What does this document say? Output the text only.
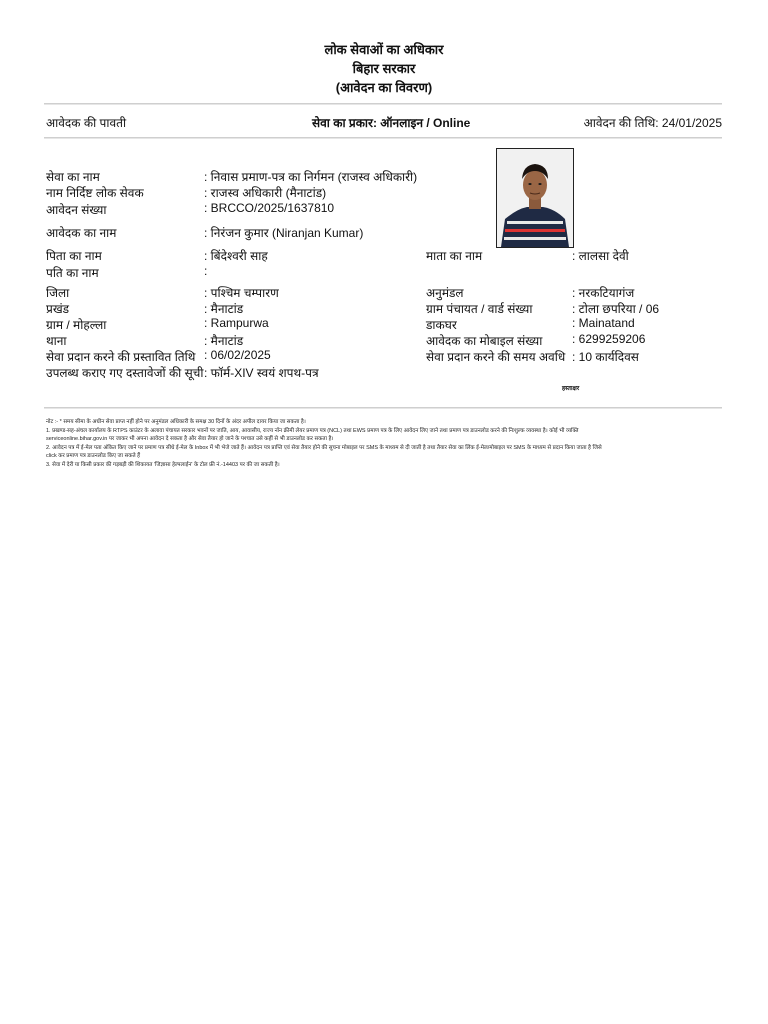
लोक सेवाओं का अधिकार
बिहार सरकार
(आवेदन का विवरण)
आवेदक की पावती	सेवा का प्रकार: ऑनलाइन / Online	आवेदन की तिथि: 24/01/2025
सेवा का नाम	: निवास प्रमाण-पत्र का निर्गमन (राजस्व अधिकारी)
नाम निर्दिष्ट लोक सेवक	: राजस्व अधिकारी (मैनाटांड)
आवेदन संख्या	: BRCCO/2025/1637810
आवेदक का नाम	: निरंजन कुमार (Niranjan Kumar)
पिता का नाम	: बिंदेश्वरी साह	माता का नाम	: लालसा देवी
पति का नाम	:
जिला	: पश्चिम चम्पारण	अनुमंडल	: नरकटियागंज
प्रखंड	: मैनाटांड	ग्राम पंचायत / वार्ड संख्या	: टोला छपरिया / 06
ग्राम / मोहल्ला	: Rampurwa	डाकघर	: Mainatand
थाना	: मैनाटांड	आवेदक का मोबाइल संख्या : 6299259206
सेवा प्रदान करने की प्रस्तावित तिथि : 06/02/2025	सेवा प्रदान करने की समय अवधि : 10 कार्यदिवस
उपलब्ध कराए गए दस्तावेजों की सूची : फॉर्म-XIV स्वयं शपथ-पत्र
हस्ताक्षर
नोट :- * समय सीमा के अधीन सेवा प्राप्त नहीं होने पर अनुमंडल अधिकारी के समक्ष 30 दिनों के अंदर अपील दायर किया जा सकता है।
1. प्रखण्ड-सह-अंचल कार्यालय के RTPS काउंटर के अलावा पंचायत सरकार भवनों पर जाति, आय, आवासीय, राज्य नॉन क्रीमी लेयर प्रमाण पत्र (NCL) तथा EWS प्रमाण पत्र के लिए आवेदन लिए जाने तथा प्रमाण पत्र डाउनलोड करने की निःशुल्क व्यवस्था है। कोई भी व्यक्ति
serviceonline.bihar.gov.in पर जाकर भी अपना आवेदन दे सकता है और सेवा तैयार हो जाने के पश्चात उसे कहीं से भी डाउनलोड कर सकता है।
2. आवेदन पत्र में ई-मेल पता अंकित किए जाने पर प्रमाण पत्र सीधे ई-मेल के Inbox में भी भेजे जाते हैं। आवेदन पत्र प्राप्ति एवं सेवा तैयार होने की सूचना मोबाइल पर SMS के माध्यम से दी जाती है तथा तैयार सेवा का लिंक ई-मेल/मोबाइल पर SMS के माध्यम से प्रदान किया जाता है जिसे
click कर प्रमाण पत्र डाउनलोड किए जा सकते हैं
3. सेवा में देरी या किसी प्रकार की गड़बड़ी की शिकायत 'जिज्ञासा हेल्पलाईन' के टोल फ्री नं.-14403 पर की जा सकती है।
